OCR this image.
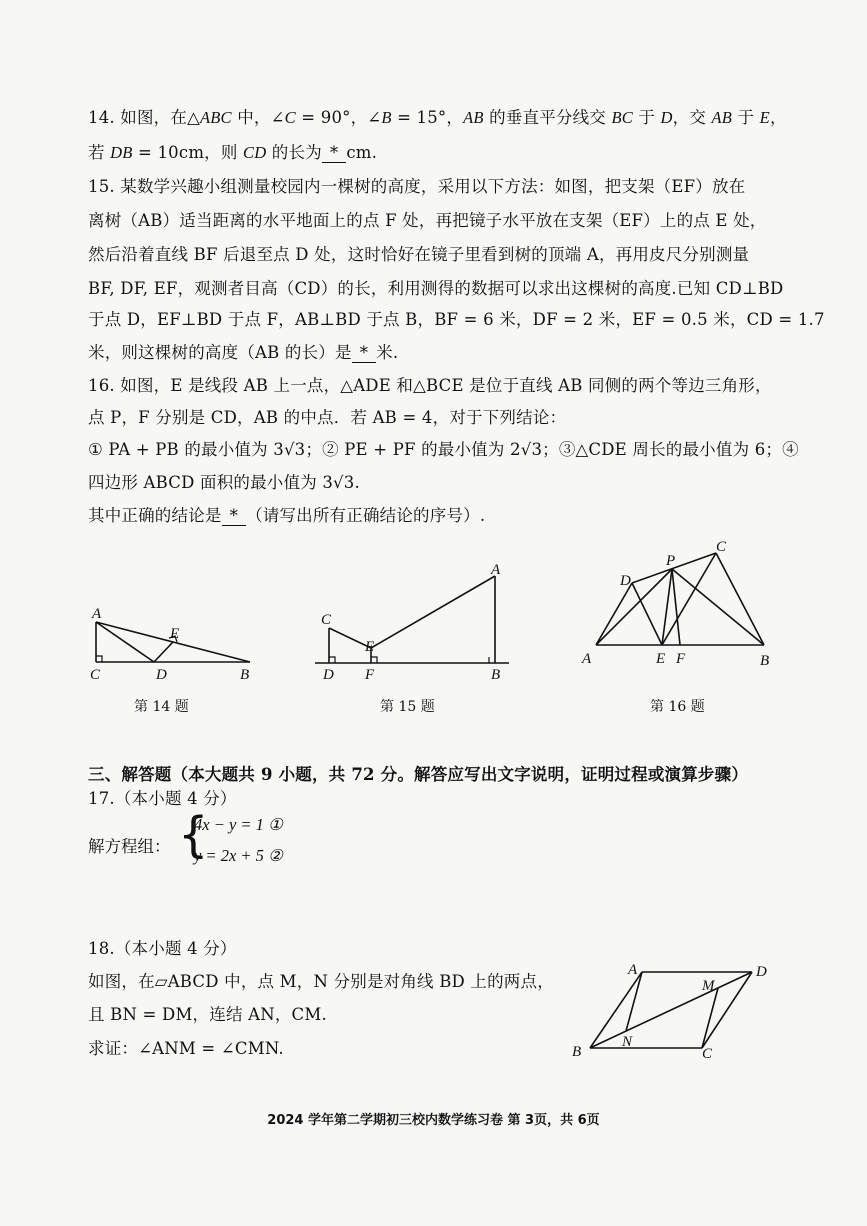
14. 如图，在△ABC 中，∠C = 90°，∠B = 15°，AB 的垂直平分线交 BC 于 D，交 AB 于 E，
若 DB = 10cm，则 CD 的长为 * cm.
15. 某数学兴趣小组测量校园内一棵树的高度，采用以下方法：如图，把支架（EF）放在
离树（AB）适当距离的水平地面上的点 F 处，再把镜子水平放在支架（EF）上的点 E 处，
然后沿着直线 BF 后退至点 D 处，这时恰好在镜子里看到树的顶端 A，再用皮尺分别测量
BF, DF, EF，观测者目高（CD）的长，利用测得的数据可以求出这棵树的高度.已知 CD⊥BD
于点 D，EF⊥BD 于点 F，AB⊥BD 于点 B，BF = 6 米，DF = 2 米，EF = 0.5 米，CD = 1.7
米，则这棵树的高度（AB 的长）是 * 米.
16. 如图，E 是线段 AB 上一点，△ADE 和△BCE 是位于直线 AB 同侧的两个等边三角形，
点 P，F 分别是 CD，AB 的中点．若 AB = 4，对于下列结论：
① PA + PB 的最小值为 3√3；② PE + PF 的最小值为 2√3；③△CDE 周长的最小值为 6；④
四边形 ABCD 面积的最小值为 3√3.
其中正确的结论是 * （请写出所有正确结论的序号）.
A
C	D
E
B
第 14 题
C
E
A
D F	B
第 15 题
D
P
C
A	E F	B
第 16 题
三、解答题（本大题共 9 小题，共 72 分。解答应写出文字说明，证明过程或演算步骤）
17.（本小题 4 分）
解方程组： {
4x − y = 1 ①
y = 2x + 5 ②
18.（本小题 4 分）
如图，在▱ABCD 中，点 M，N 分别是对角线 BD 上的两点，
且 BN = DM，连结 AN，CM.
求证：∠ANM = ∠CMN.
A	D
M
B
N
C
2024 学年第二学期初三校内数学练习卷 第 3页，共 6页
